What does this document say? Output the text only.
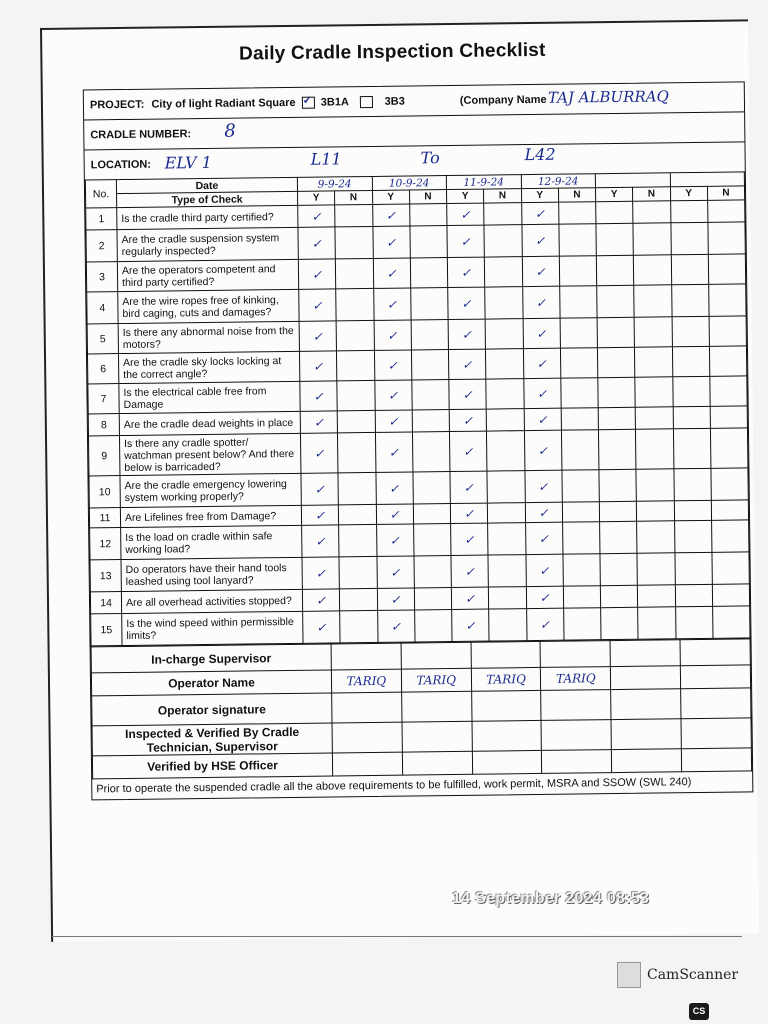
Daily Cradle Inspection Checklist
PROJECT: City of light Radiant Square ✓ 3B1A	3B3	(Company Name TAJ ALBURRAQ
CRADLE NUMBER: 8
LOCATION: ELV 1	L11	To	L42
No.	Date	9-9-24		10-9-24		11-9-24		12-9-24					
	Type of Check	Y	N	Y	N	Y	N	Y	N	Y	N	Y	N
1	Is the cradle third party certified?	✓		✓		✓		✓					
2	Are the cradle suspension system regularly inspected?	✓		✓		✓		✓					
3	Are the operators competent and third party certified?	✓		✓		✓		✓					
4	Are the wire ropes free of kinking, bird caging, cuts and damages?	✓		✓		✓		✓					
5	Is there any abnormal noise from the motors?	✓		✓		✓		✓					
6	Are the cradle sky locks locking at the correct angle?	✓		✓		✓		✓					
7	Is the electrical cable free from Damage	✓		✓		✓		✓					
8	Are the cradle dead weights in place	✓		✓		✓		✓					
9	Is there any cradle spotter/ watchman present below? And there below is barricaded?	✓		✓		✓		✓					
10	Are the cradle emergency lowering system working properly?	✓		✓		✓		✓					
11	Are Lifelines free from Damage?	✓		✓		✓		✓					
12	Is the load on cradle within safe working load?	✓		✓		✓		✓					
13	Do operators have their hand tools leashed using tool lanyard?	✓		✓		✓		✓					
14	Are all overhead activities stopped?	✓		✓		✓		✓					
15	Is the wind speed within permissible limits?	✓		✓		✓		✓					
In-charge Supervisor						
Operator Name	TARIQ	TARIQ	TARIQ	TARIQ		
Operator signature						
Inspected & Verified By Cradle Technician, Supervisor						
Verified by HSE Officer						
Prior to operate the suspended cradle all the above requirements to be fulfilled, work permit, MSRA and SSOW (SWL 240)
14 September 2024 08:53
CamScanner
CS
